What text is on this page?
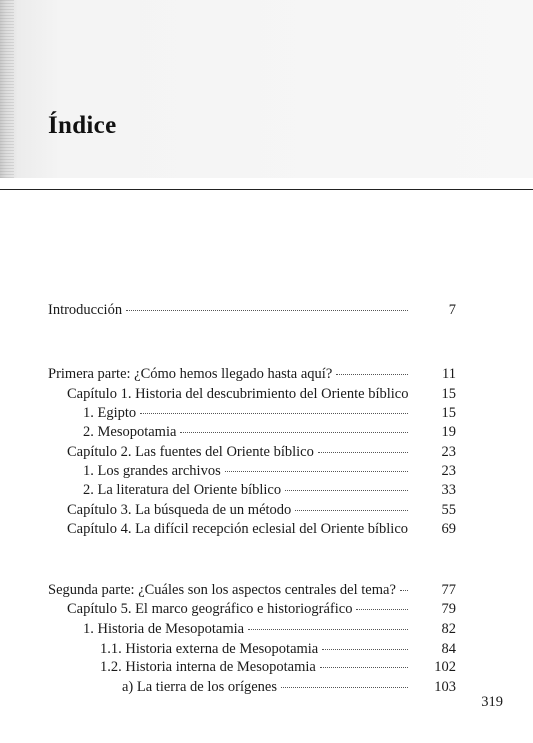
Índice
Introducción	7
Primera parte: ¿Cómo hemos llegado hasta aquí?	11
Capítulo 1. Historia del descubrimiento del Oriente bíblico	15
1. Egipto	15
2. Mesopotamia	19
Capítulo 2. Las fuentes del Oriente bíblico	23
1. Los grandes archivos	23
2. La literatura del Oriente bíblico	33
Capítulo 3. La búsqueda de un método	55
Capítulo 4. La difícil recepción eclesial del Oriente bíblico	69
Segunda parte: ¿Cuáles son los aspectos centrales del tema?	77
Capítulo 5. El marco geográfico e historiográfico	79
1. Historia de Mesopotamia	82
1.1. Historia externa de Mesopotamia	84
1.2. Historia interna de Mesopotamia	102
a) La tierra de los orígenes	103
319
